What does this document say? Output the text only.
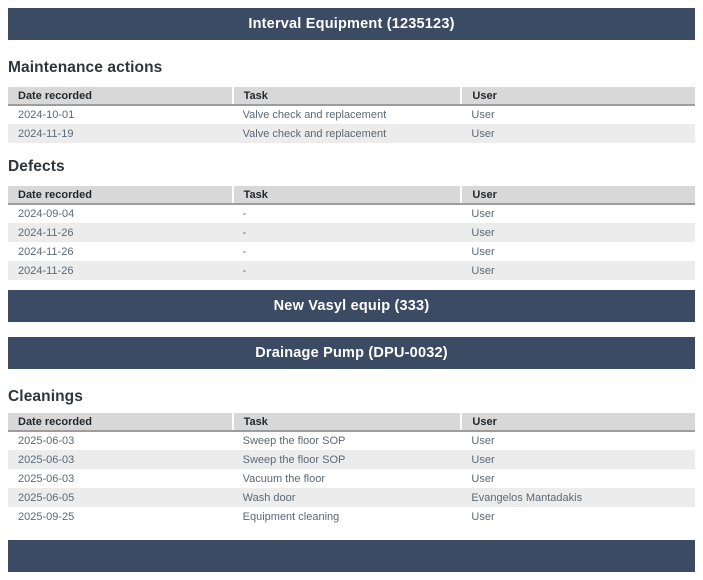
Interval Equipment (1235123)
Maintenance actions
Date recorded	Task	User
2024-10-01	Valve check and replacement	User
2024-11-19	Valve check and replacement	User
Defects
Date recorded	Task	User
2024-09-04	-	User
2024-11-26	-	User
2024-11-26	-	User
2024-11-26	-	User
New Vasyl equip (333)
Drainage Pump (DPU-0032)
Cleanings
Date recorded	Task	User
2025-06-03	Sweep the floor SOP	User
2025-06-03	Sweep the floor SOP	User
2025-06-03	Vacuum the floor	User
2025-06-05	Wash door	Evangelos Mantadakis
2025-09-25	Equipment cleaning	User
